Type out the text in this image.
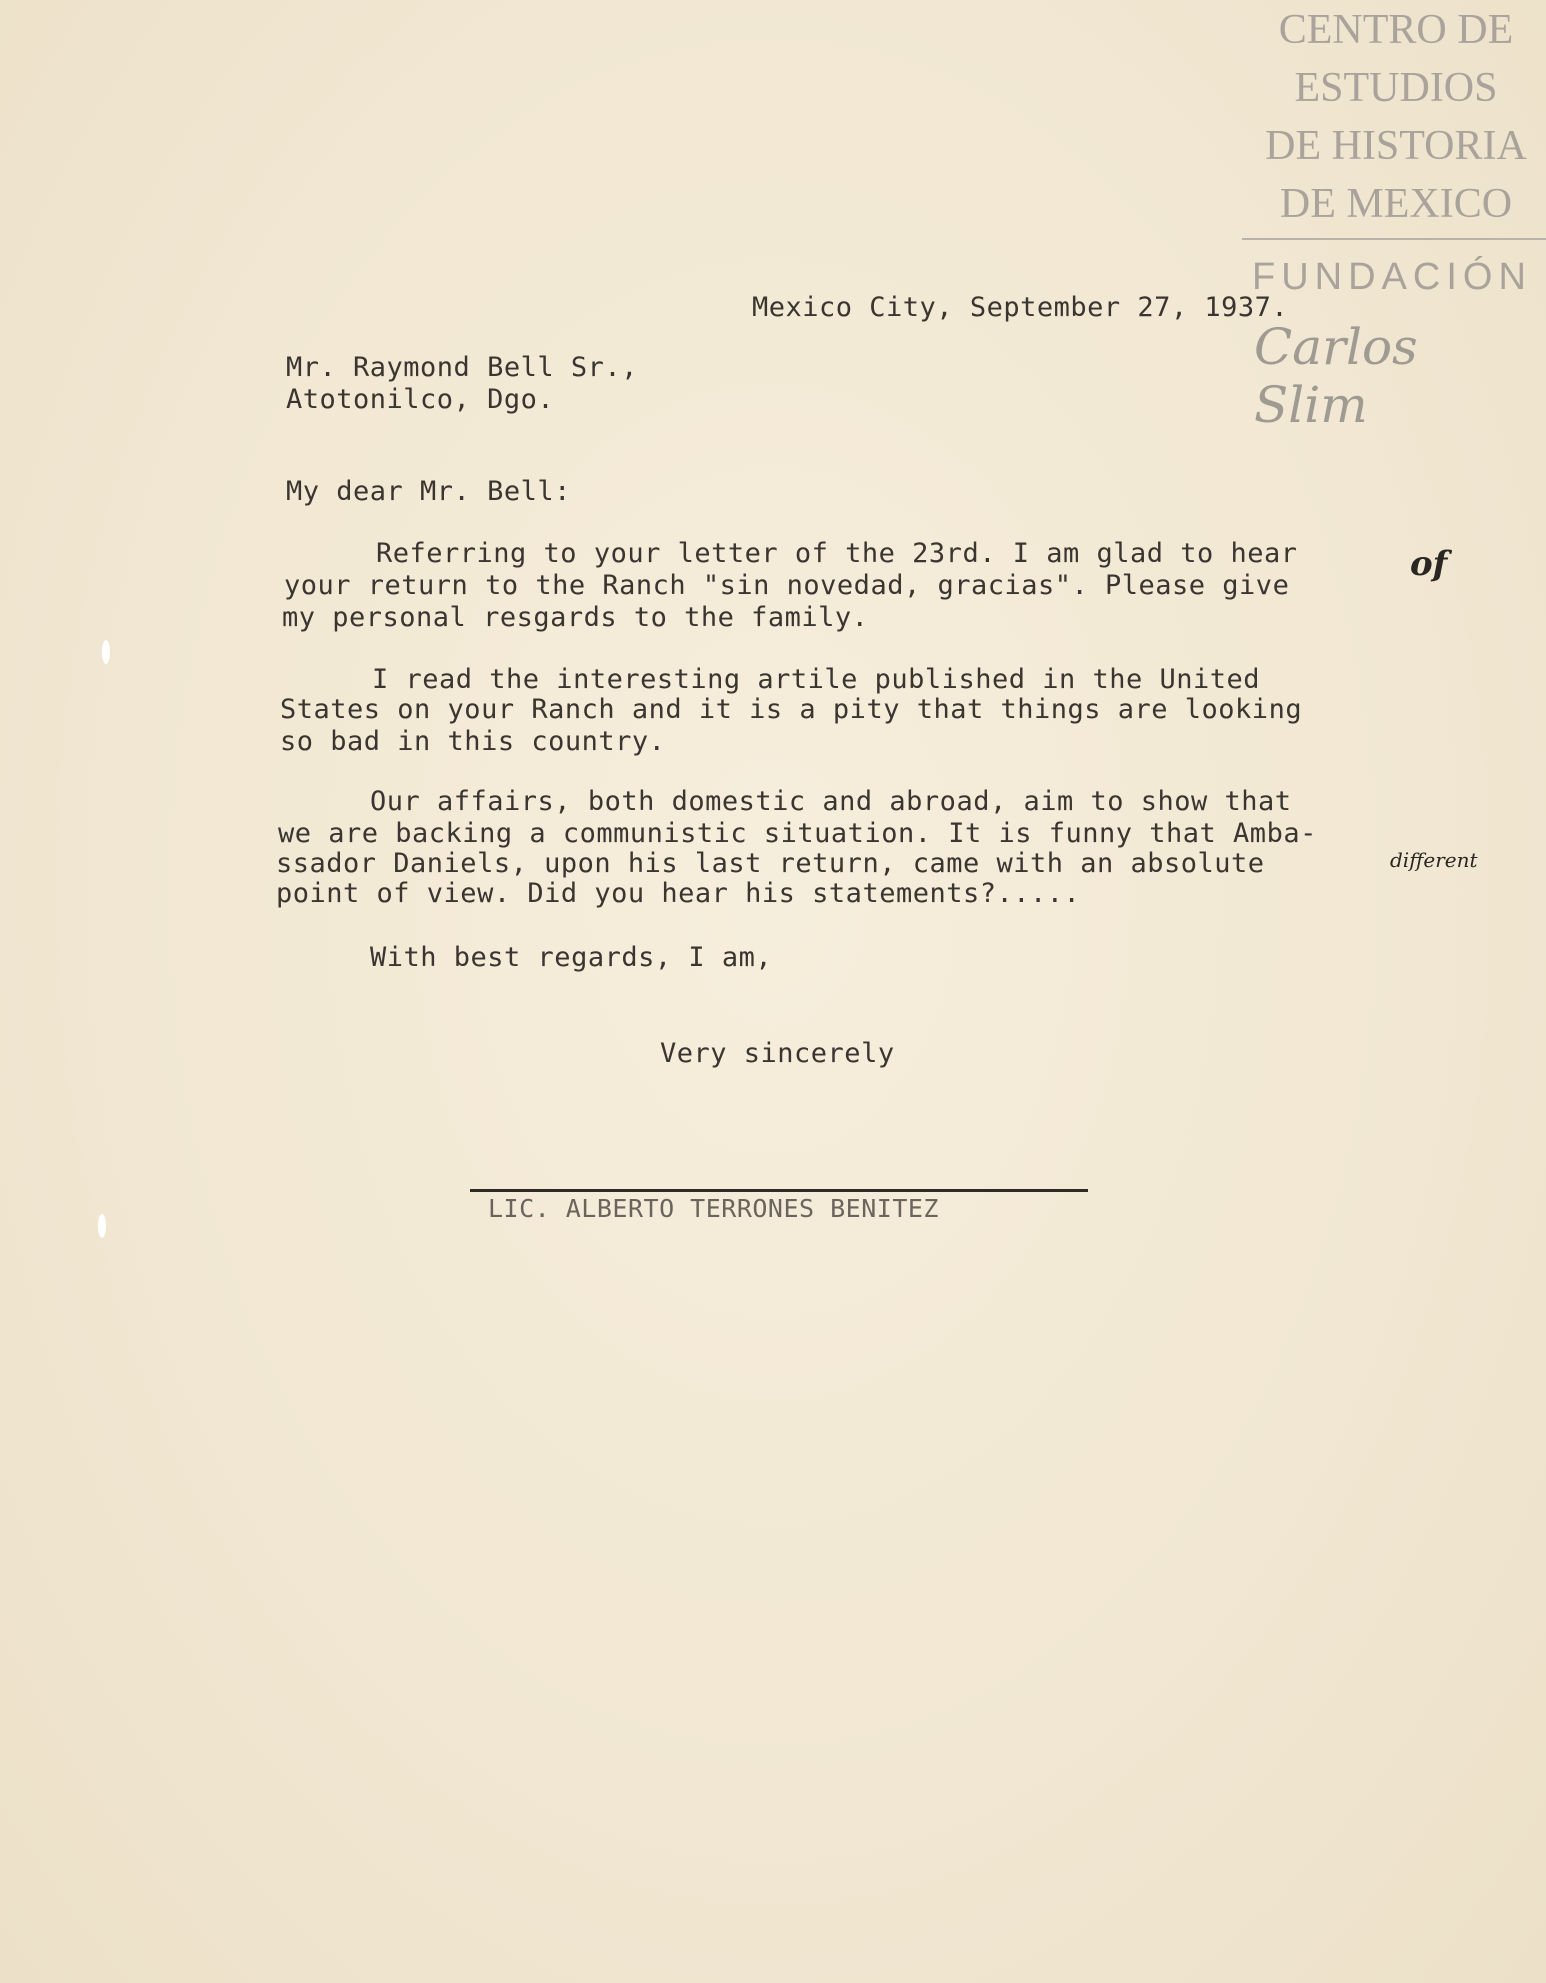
CENTRO DE
ESTUDIOS
DE HISTORIA
DE MEXICO
FUNDACIÓN
Carlos Slim
Mexico City, September 27, 1937.
Mr. Raymond Bell Sr.,
Atotonilco, Dgo.
My dear Mr. Bell:
Referring to your letter of the 23rd. I am glad to hear	of
your return to the Ranch "sin novedad, gracias". Please give
my personal resgards to the family.
I read the interesting artile published in the United
States on your Ranch and it is a pity that things are looking
so bad in this country.
Our affairs, both domestic and abroad, aim to show that
we are backing a communistic situation. It is funny that Amba-
ssador Daniels, upon his last return, came with an absolute	different
point of view. Did you hear his statements?.....
With best regards, I am,
Very sincerely
LIC. ALBERTO TERRONES BENITEZ
